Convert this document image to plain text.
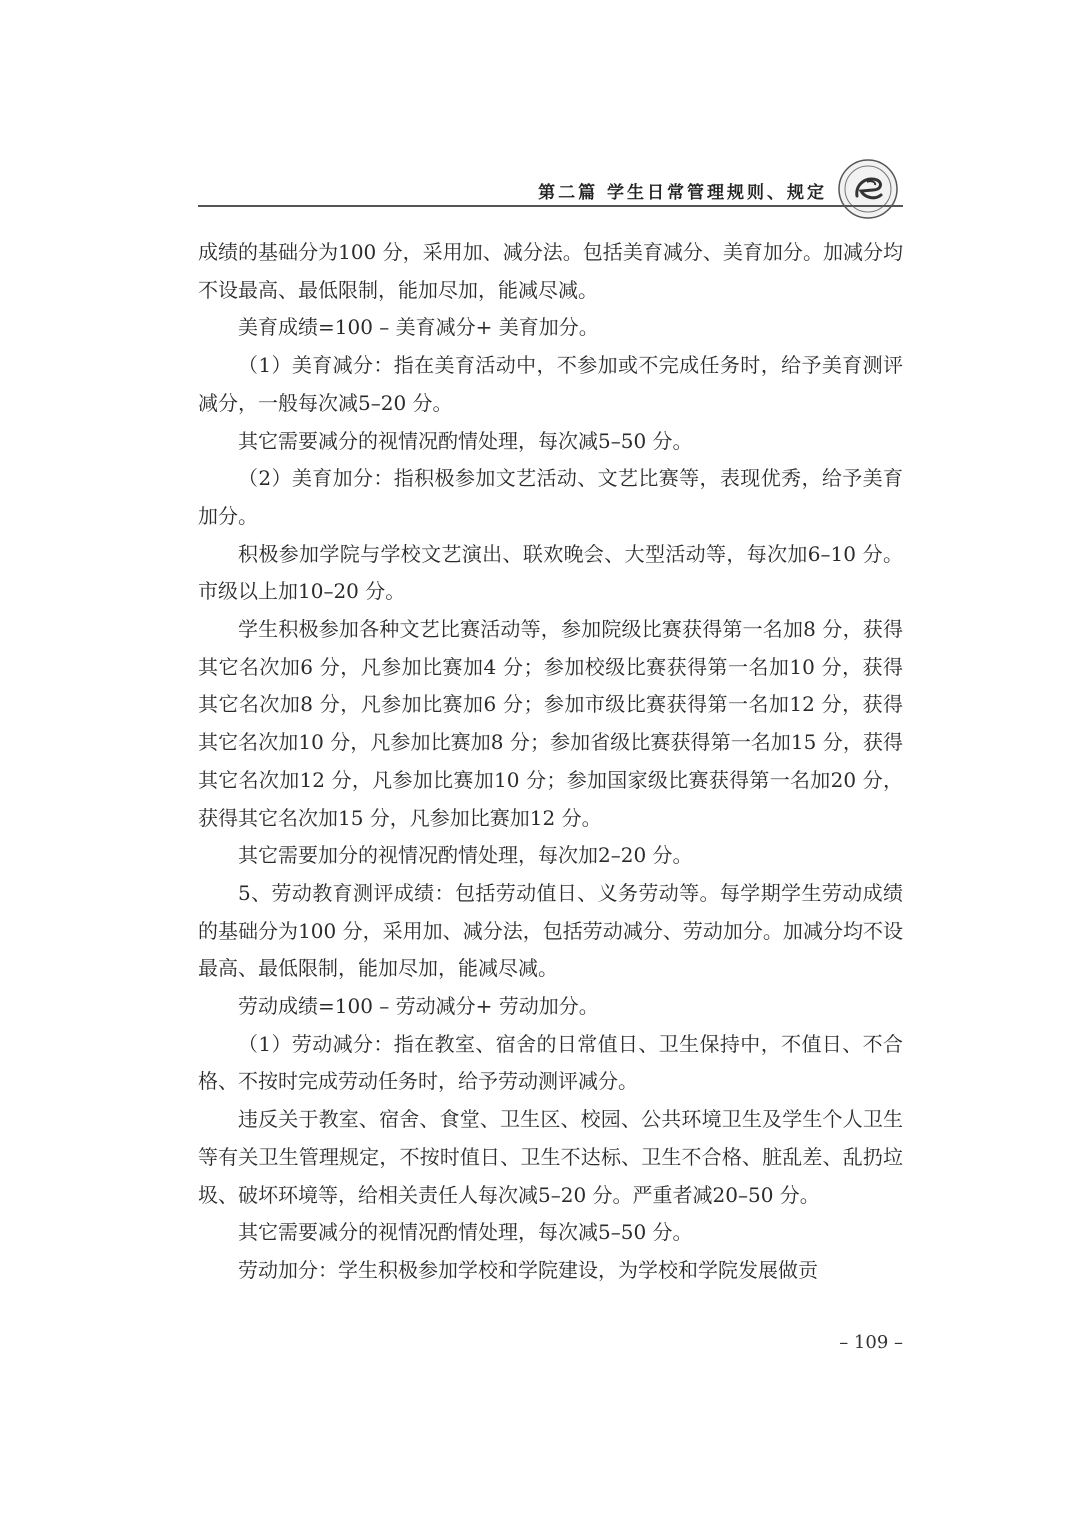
第二篇 学生日常管理规则、规定

成绩的基础分为100 分，采用加、减分法。包括美育减分、美育加分。加减分均不设最高、最低限制，能加尽加，能减尽减。

美育成绩=100 – 美育减分+ 美育加分。

（1）美育减分：指在美育活动中，不参加或不完成任务时，给予美育测评减分，一般每次减5–20 分。

其它需要减分的视情况酌情处理，每次减5–50 分。

（2）美育加分：指积极参加文艺活动、文艺比赛等，表现优秀，给予美育加分。

积极参加学院与学校文艺演出、联欢晚会、大型活动等，每次加6–10 分。市级以上加10–20 分。

学生积极参加各种文艺比赛活动等，参加院级比赛获得第一名加8 分，获得其它名次加6 分，凡参加比赛加4 分；参加校级比赛获得第一名加10 分，获得其它名次加8 分，凡参加比赛加6 分；参加市级比赛获得第一名加12 分，获得其它名次加10 分，凡参加比赛加8 分；参加省级比赛获得第一名加15 分，获得其它名次加12 分，凡参加比赛加10 分；参加国家级比赛获得第一名加20 分，获得其它名次加15 分，凡参加比赛加12 分。

其它需要加分的视情况酌情处理，每次加2–20 分。

5、劳动教育测评成绩：包括劳动值日、义务劳动等。每学期学生劳动成绩的基础分为100 分，采用加、减分法，包括劳动减分、劳动加分。加减分均不设最高、最低限制，能加尽加，能减尽减。

劳动成绩=100 – 劳动减分+ 劳动加分。

（1）劳动减分：指在教室、宿舍的日常值日、卫生保持中，不值日、不合格、不按时完成劳动任务时，给予劳动测评减分。

违反关于教室、宿舍、食堂、卫生区、校园、公共环境卫生及学生个人卫生等有关卫生管理规定，不按时值日、卫生不达标、卫生不合格、脏乱差、乱扔垃圾、破坏环境等，给相关责任人每次减5–20 分。严重者减20–50 分。

其它需要减分的视情况酌情处理，每次减5–50 分。

劳动加分：学生积极参加学校和学院建设，为学校和学院发展做贡

– 109 –
